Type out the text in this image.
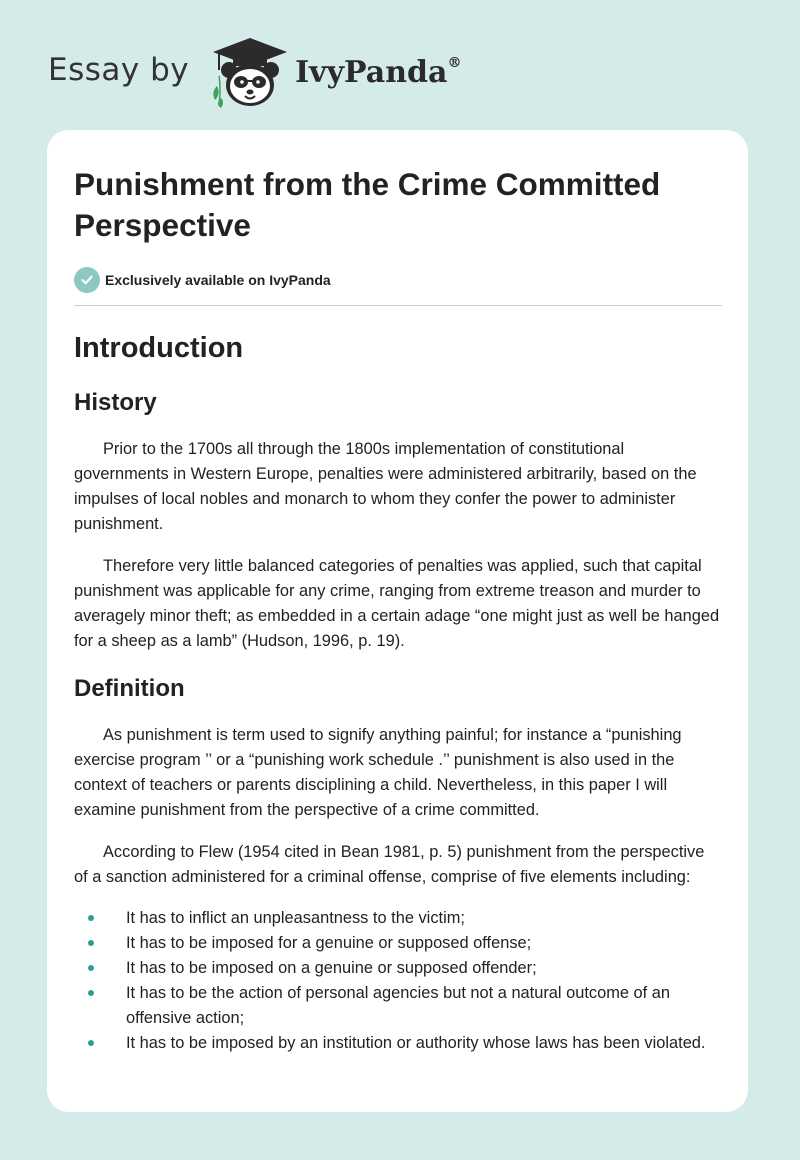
Essay by	IvyPanda®
Punishment from the Crime Committed Perspective
Exclusively available on IvyPanda
Introduction
History

Prior to the 1700s all through the 1800s implementation of constitutional governments in Western Europe, penalties were administered arbitrarily, based on the impulses of local nobles and monarch to whom they confer the power to administer punishment.

Therefore very little balanced categories of penalties was applied, such that capital punishment was applicable for any crime, ranging from extreme treason and murder to averagely minor theft; as embedded in a certain adage “one might just as well be hanged for a sheep as a lamb” (Hudson, 1996, p. 19).

Definition

As punishment is term used to signify anything painful; for instance a “punishing exercise program ’’ or a “punishing work schedule .’’ punishment is also used in the context of teachers or parents disciplining a child. Nevertheless, in this paper I will examine punishment from the perspective of a crime committed.

According to Flew (1954 cited in Bean 1981, p. 5) punishment from the perspective of a sanction administered for a criminal offense, comprise of five elements including:

It has to inflict an unpleasantness to the victim;
It has to be imposed for a genuine or supposed offense;
It has to be imposed on a genuine or supposed offender;
It has to be the action of personal agencies but not a natural outcome of an offensive action;
It has to be imposed by an institution or authority whose laws has been violated.
